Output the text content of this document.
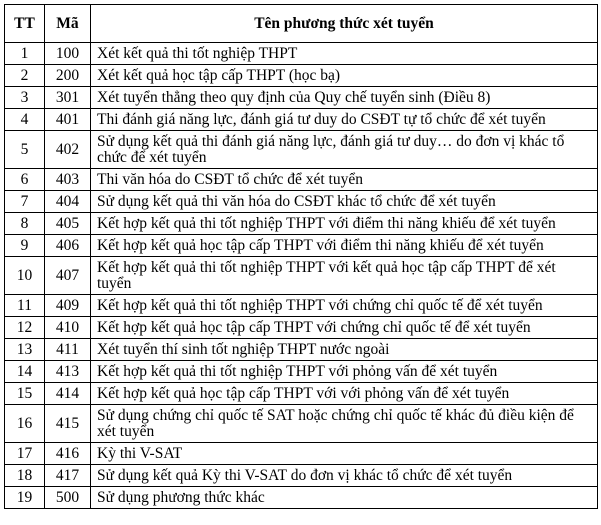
TT	Mã	Tên phương thức xét tuyển
1	100	Xét kết quả thi tốt nghiệp THPT
2	200	Xét kết quả học tập cấp THPT (học bạ)
3	301	Xét tuyển thẳng theo quy định của Quy chế tuyển sinh (Điều 8)
4	401	Thi đánh giá năng lực, đánh giá tư duy do CSĐT tự tổ chức để xét tuyển
5	402	Sử dụng kết quả thi đánh giá năng lực, đánh giá tư duy… do đơn vị khác tổ chức để xét tuyển
6	403	Thi văn hóa do CSĐT tổ chức để xét tuyển
7	404	Sử dụng kết quả thi văn hóa do CSĐT khác tổ chức để xét tuyển
8	405	Kết hợp kết quả thi tốt nghiệp THPT với điểm thi năng khiếu để xét tuyển
9	406	Kết hợp kết quả học tập cấp THPT với điểm thi năng khiếu để xét tuyển
10	407	Kết hợp kết quả thi tốt nghiệp THPT với kết quả học tập cấp THPT để xét tuyển
11	409	Kết hợp kết quả thi tốt nghiệp THPT với chứng chỉ quốc tế để xét tuyển
12	410	Kết hợp kết quả học tập cấp THPT với chứng chỉ quốc tế để xét tuyển
13	411	Xét tuyển thí sinh tốt nghiệp THPT nước ngoài
14	413	Kết hợp kết quả thi tốt nghiệp THPT với phỏng vấn để xét tuyển
15	414	Kết hợp kết quả học tập cấp THPT với với phỏng vấn để xét tuyển
16	415	Sử dụng chứng chỉ quốc tế SAT hoặc chứng chỉ quốc tế khác đủ điều kiện để xét tuyển
17	416	Kỳ thi V-SAT
18	417	Sử dụng kết quả Kỳ thi V-SAT do đơn vị khác tổ chức để xét tuyển
19	500	Sử dụng phương thức khác
